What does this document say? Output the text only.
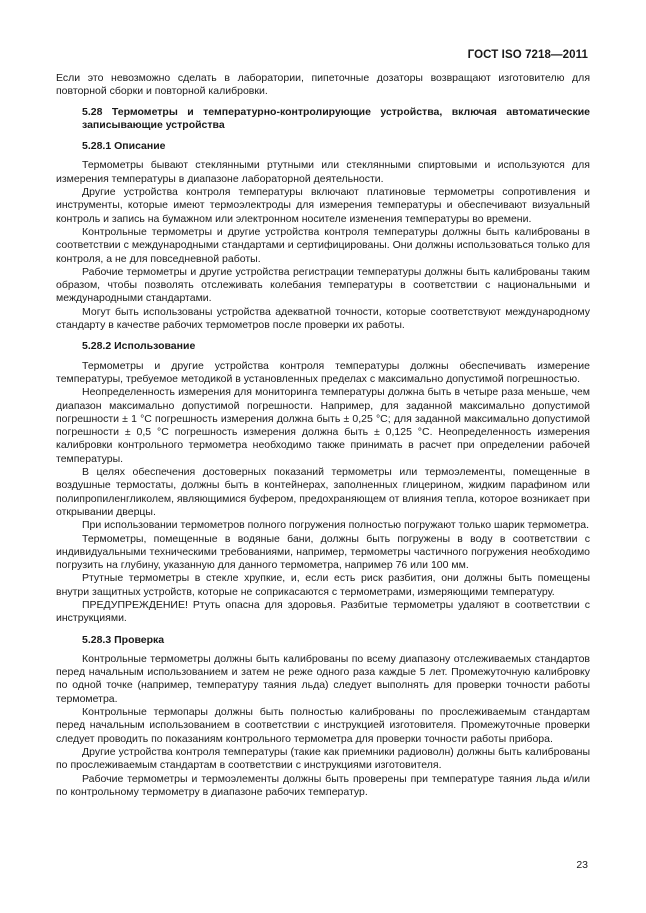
ГОСТ ISO 7218—2011

Если это невозможно сделать в лаборатории, пипеточные дозаторы возвращают изготовителю для повторной сборки и повторной калибровки.

5.28 Термометры и температурно-контролирующие устройства, включая автоматические записывающие устройства
5.28.1 Описание

Термометры бывают стеклянными ртутными или стеклянными спиртовыми и используются для измерения температуры в диапазоне лабораторной деятельности.

Другие устройства контроля температуры включают платиновые термометры сопротивления и инструменты, которые имеют термоэлектроды для измерения температуры и обеспечивают визуальный контроль и запись на бумажном или электронном носителе изменения температуры во времени.

Контрольные термометры и другие устройства контроля температуры должны быть калиброваны в соответствии с международными стандартами и сертифицированы. Они должны использоваться только для контроля, а не для повседневной работы.

Рабочие термометры и другие устройства регистрации температуры должны быть калиброваны таким образом, чтобы позволять отслеживать колебания температуры в соответствии с национальными и международными стандартами.

Могут быть использованы устройства адекватной точности, которые соответствуют международному стандарту в качестве рабочих термометров после проверки их работы.

5.28.2 Использование

Термометры и другие устройства контроля температуры должны обеспечивать измерение температуры, требуемое методикой в установленных пределах с максимально допустимой погрешностью.

Неопределенность измерения для мониторинга температуры должна быть в четыре раза меньше, чем диапазон максимально допустимой погрешности. Например, для заданной максимально допустимой погрешности ± 1 °С погрешность измерения должна быть ± 0,25 °С; для заданной максимально допустимой погрешности ± 0,5 °С погрешность измерения должна быть ± 0,125 °С. Неопределенность измерения калибровки контрольного термометра необходимо также принимать в расчет при определении рабочей температуры.

В целях обеспечения достоверных показаний термометры или термоэлементы, помещенные в воздушные термостаты, должны быть в контейнерах, заполненных глицерином, жидким парафином или полипропиленгликолем, являющимися буфером, предохраняющем от влияния тепла, которое возникает при открывании дверцы.

При использовании термометров полного погружения полностью погружают только шарик термометра.

Термометры, помещенные в водяные бани, должны быть погружены в воду в соответствии с индивидуальными техническими требованиями, например, термометры частичного погружения необходимо погрузить на глубину, указанную для данного термометра, например 76 или 100 мм.

Ртутные термометры в стекле хрупкие, и, если есть риск разбития, они должны быть помещены внутри защитных устройств, которые не соприкасаются с термометрами, измеряющими температуру.

ПРЕДУПРЕЖДЕНИЕ! Ртуть опасна для здоровья. Разбитые термометры удаляют в соответствии с инструкциями.

5.28.3 Проверка

Контрольные термометры должны быть калиброваны по всему диапазону отслеживаемых стандартов перед начальным использованием и затем не реже одного раза каждые 5 лет. Промежуточную калибровку по одной точке (например, температуру таяния льда) следует выполнять для проверки точности работы термометра.

Контрольные термопары должны быть полностью калиброваны по прослеживаемым стандартам перед начальным использованием в соответствии с инструкцией изготовителя. Промежуточные проверки следует проводить по показаниям контрольного термометра для проверки точности работы прибора.

Другие устройства контроля температуры (такие как приемники радиоволн) должны быть калиброваны по прослеживаемым стандартам в соответствии с инструкциями изготовителя.

Рабочие термометры и термоэлементы должны быть проверены при температуре таяния льда и/или по контрольному термометру в диапазоне рабочих температур.

23
